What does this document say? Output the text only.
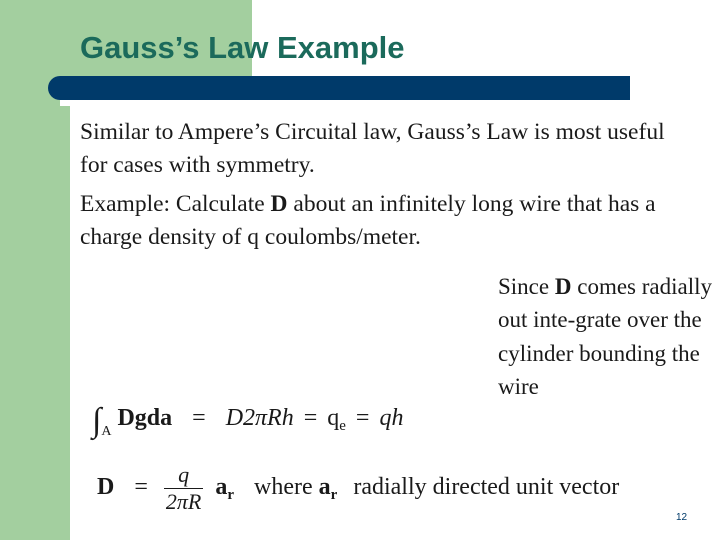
Gauss’s Law Example
Similar to Ampere’s Circuital law, Gauss’s Law is most useful for cases with symmetry.
Example: Calculate D about an infinitely long wire that has a charge density of q coulombs/meter.
Since D comes radially out inte-grate over the cylinder bounding the wire
$\int_A$ Dgda = $D2\pi Rh = q_e$ = qh
$D = \frac{q}{2\pi R} a_r$ where $a_r$ radially directed unit vector
12
